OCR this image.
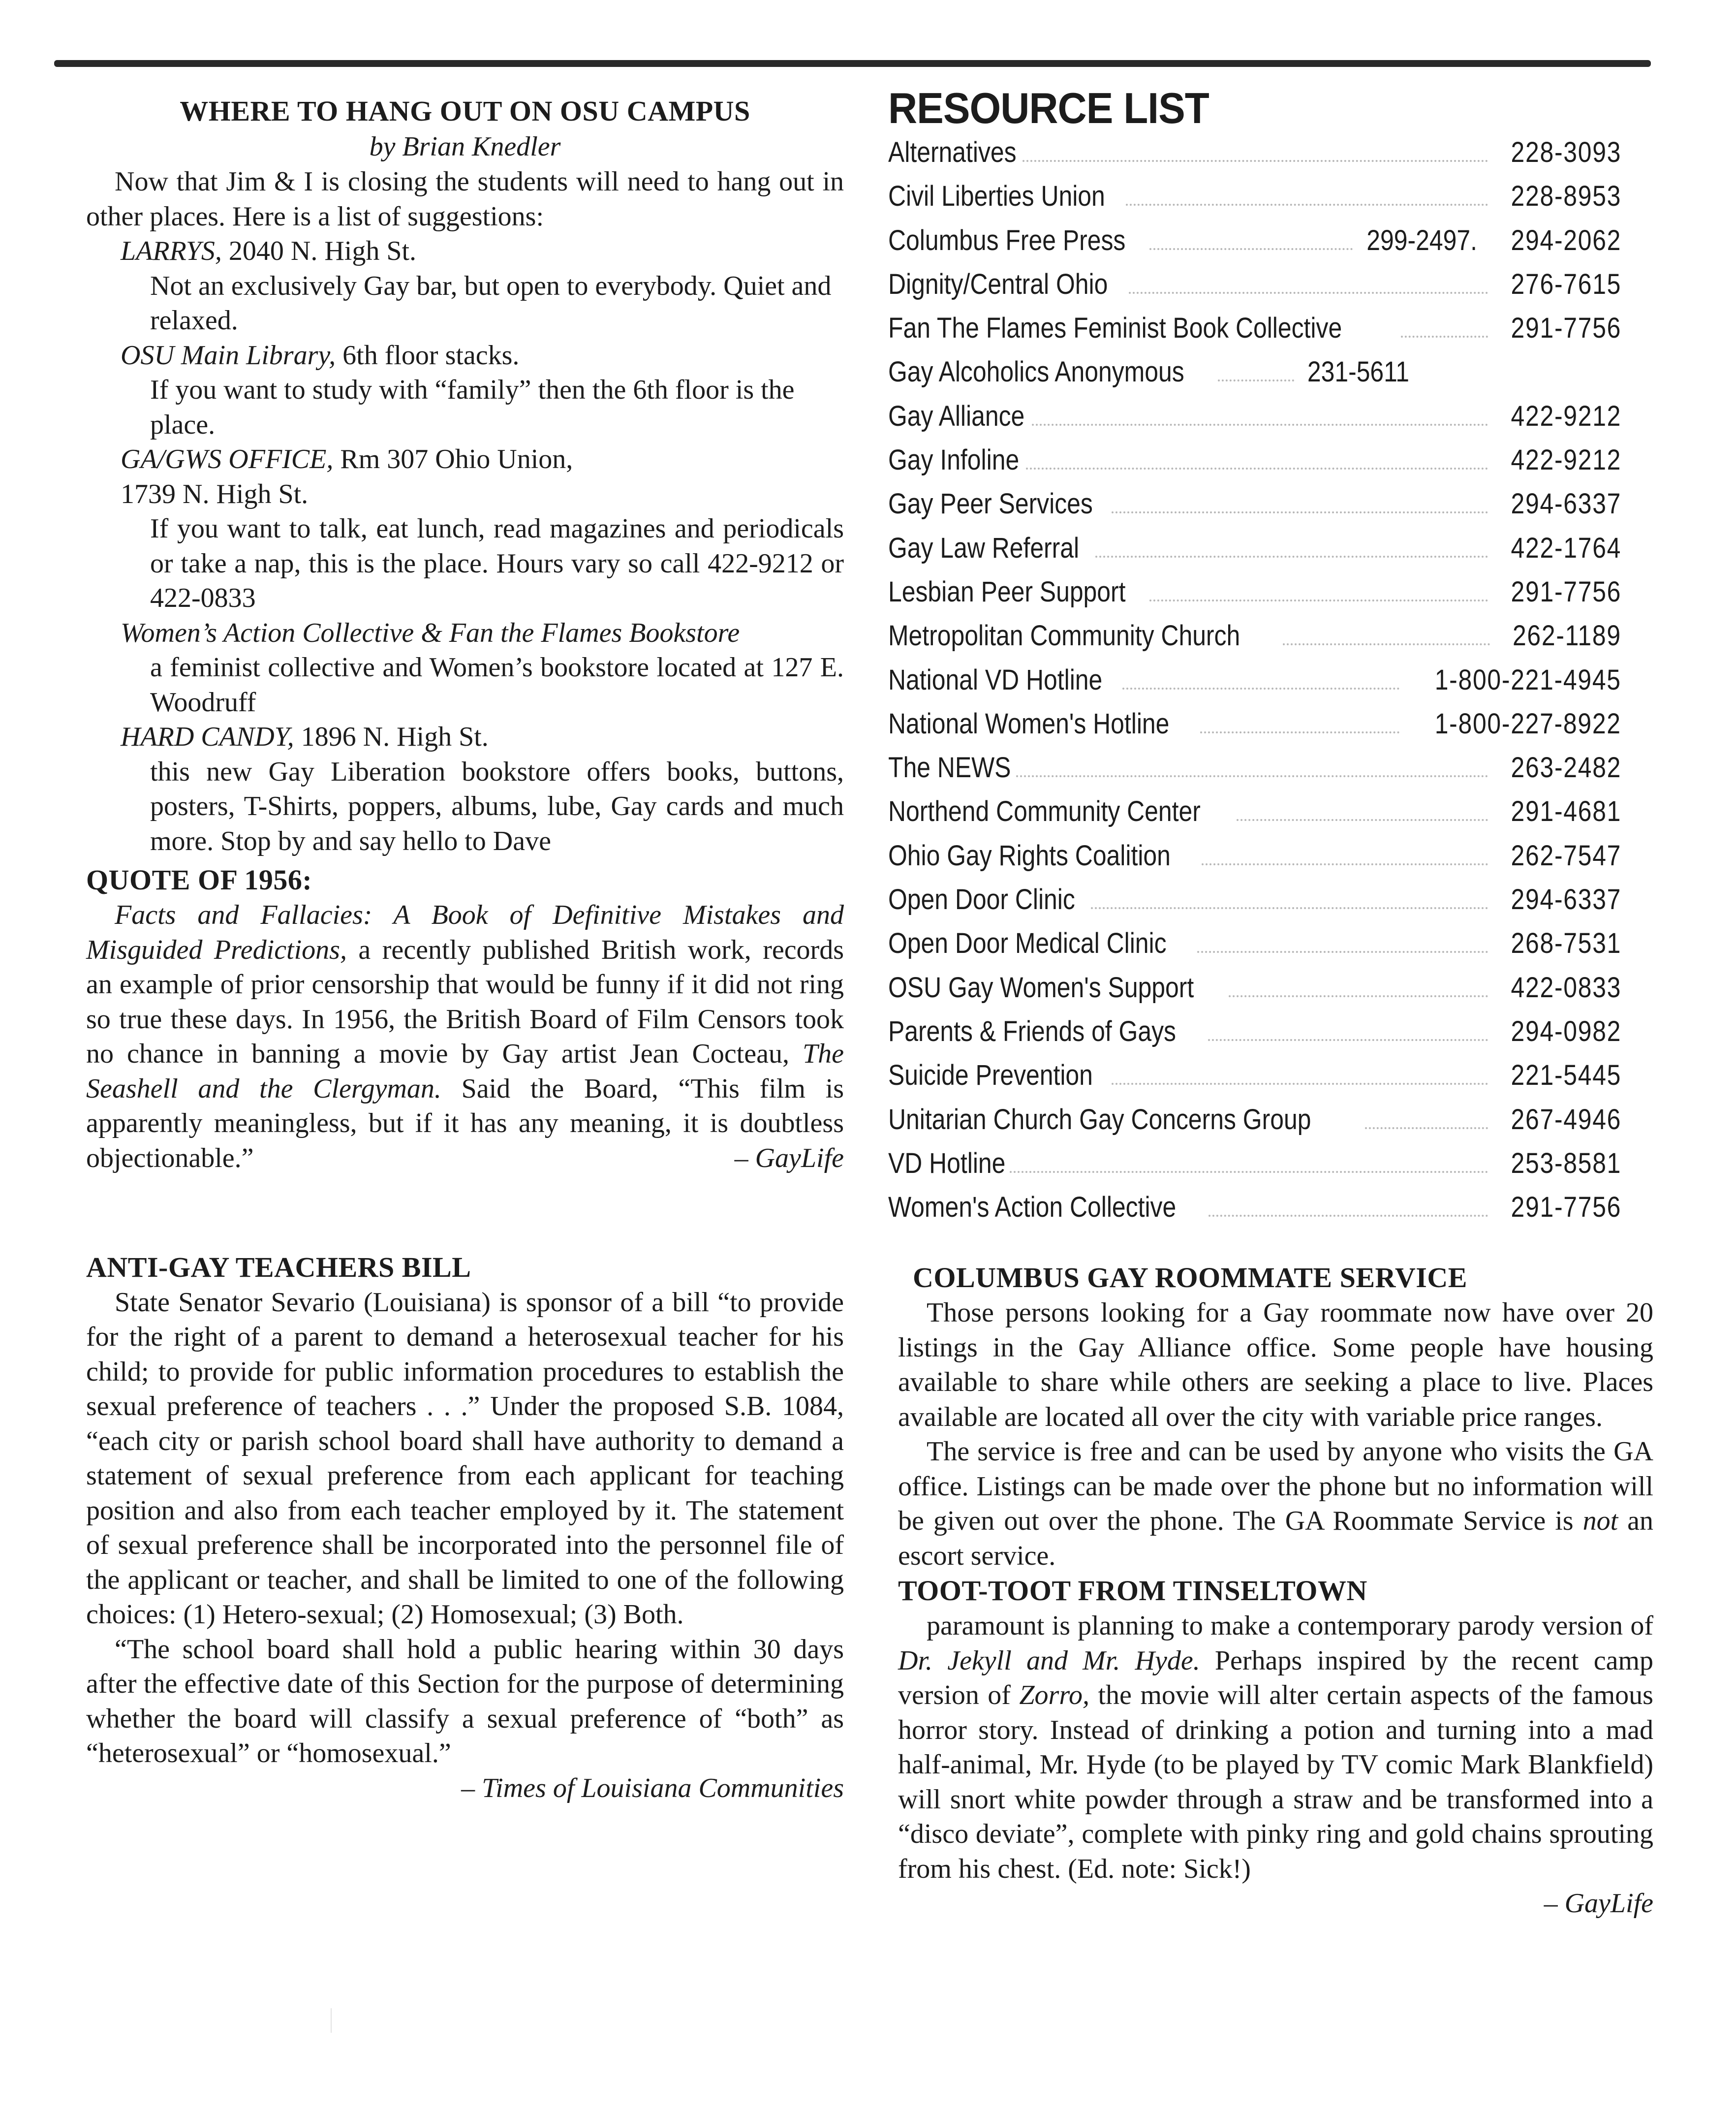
WHERE TO HANG OUT ON OSU CAMPUS
by Brian Knedler

Now that Jim & I is closing the students will need to hang out in other places. Here is a list of suggestions:

LARRYS, 2040 N. High St.

Not an exclusively Gay bar, but open to everybody. Quiet and relaxed.

OSU Main Library, 6th floor stacks.

If you want to study with “family” then the 6th floor is the place.

GA/GWS OFFICE, Rm 307 Ohio Union,

1739 N. High St.

If you want to talk, eat lunch, read magazines and periodicals or take a nap, this is the place. Hours vary so call 422-9212 or 422-0833

Women’s Action Collective & Fan the Flames Bookstore

a feminist collective and Women’s bookstore located at 127 E. Woodruff

HARD CANDY, 1896 N. High St.

this new Gay Liberation bookstore offers books, buttons, posters, T-Shirts, poppers, albums, lube, Gay cards and much more. Stop by and say hello to Dave

QUOTE OF 1956:

Facts and Fallacies: A Book of Definitive Mistakes and Misguided Predictions, a recently published British work, records an example of prior censorship that would be funny if it did not ring so true these days. In 1956, the British Board of Film Censors took no chance in banning a movie by Gay artist Jean Cocteau, The Seashell and the Clergyman. Said the Board, “This film is apparently meaningless, but if it has any meaning, it is doubtless objectionable.”	– GayLife

ANTI-GAY TEACHERS BILL

State Senator Sevario (Louisiana) is sponsor of a bill “to provide for the right of a parent to demand a heterosexual teacher for his child; to provide for public information procedures to establish the sexual preference of teachers . . .” Under the proposed S.B. 1084, “each city or parish school board shall have authority to demand a statement of sexual preference from each applicant for teaching position and also from each teacher employed by it. The statement of sexual preference shall be incorporated into the personnel file of the applicant or teacher, and shall be limited to one of the following choices: (1) Hetero-sexual; (2) Homosexual; (3) Both.

“The school board shall hold a public hearing within 30 days after the effective date of this Section for the purpose of determining whether the board will classify a sexual preference of “both” as “heterosexual” or “homosexual.”

– Times of Louisiana Communities

RESOURCE LIST
Alternatives	228-3093
Civil Liberties Union	228-8953
Columbus Free Press	299-2497. 294-2062
Dignity/Central Ohio	276-7615
Fan The Flames Feminist Book Collective	291-7756
Gay Alcoholics Anonymous	231-5611
Gay Alliance	422-9212
Gay Infoline	422-9212
Gay Peer Services	294-6337
Gay Law Referral	422-1764
Lesbian Peer Support	291-7756
Metropolitan Community Church	262-1189
National VD Hotline	1-800-221-4945
National Women's Hotline	1-800-227-8922
The NEWS	263-2482
Northend Community Center	291-4681
Ohio Gay Rights Coalition	262-7547
Open Door Clinic	294-6337
Open Door Medical Clinic	268-7531
OSU Gay Women's Support	422-0833
Parents & Friends of Gays	294-0982
Suicide Prevention	221-5445
Unitarian Church Gay Concerns Group	267-4946
VD Hotline	253-8581
Women's Action Collective	291-7756
COLUMBUS GAY ROOMMATE SERVICE

Those persons looking for a Gay roommate now have over 20 listings in the Gay Alliance office. Some people have housing available to share while others are seeking a place to live. Places available are located all over the city with variable price ranges.

The service is free and can be used by anyone who visits the GA office. Listings can be made over the phone but no information will be given out over the phone. The GA Roommate Service is not an escort service.

TOOT-TOOT FROM TINSELTOWN

paramount is planning to make a contemporary parody version of Dr. Jekyll and Mr. Hyde. Perhaps inspired by the recent camp version of Zorro, the movie will alter certain aspects of the famous horror story. Instead of drinking a potion and turning into a mad half-animal, Mr. Hyde (to be played by TV comic Mark Blankfield) will snort white powder through a straw and be transformed into a “disco deviate”, complete with pinky ring and gold chains sprouting from his chest. (Ed. note: Sick!)

– GayLife
